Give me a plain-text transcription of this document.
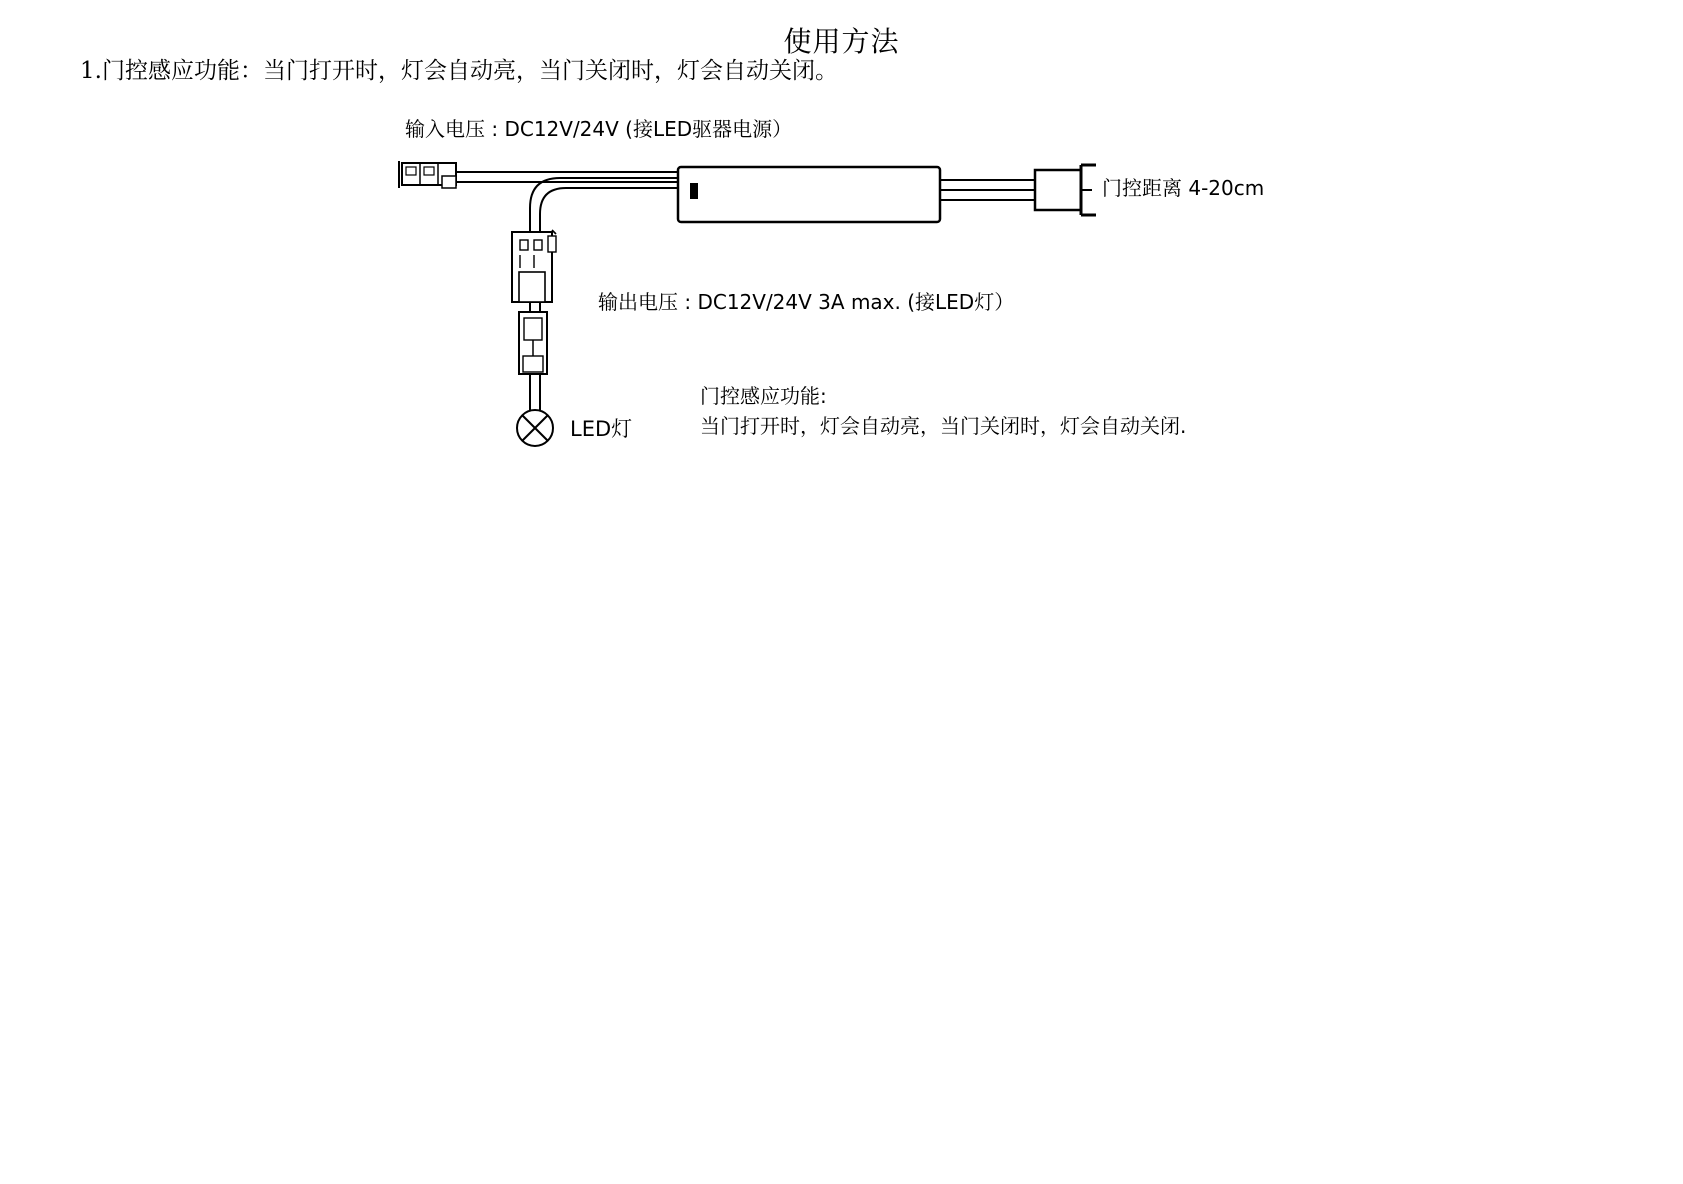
使用方法
1.门控感应功能：当门打开时，灯会自动亮，当门关闭时，灯会自动关闭。
输入电压 : DC12V/24V (接LED驱器电源）
输出电压 : DC12V/24V 3A max. (接LED灯）
门控距离 4-20cm
LED灯
门控感应功能:
当门打开时，灯会自动亮，当门关闭时，灯会自动关闭.
